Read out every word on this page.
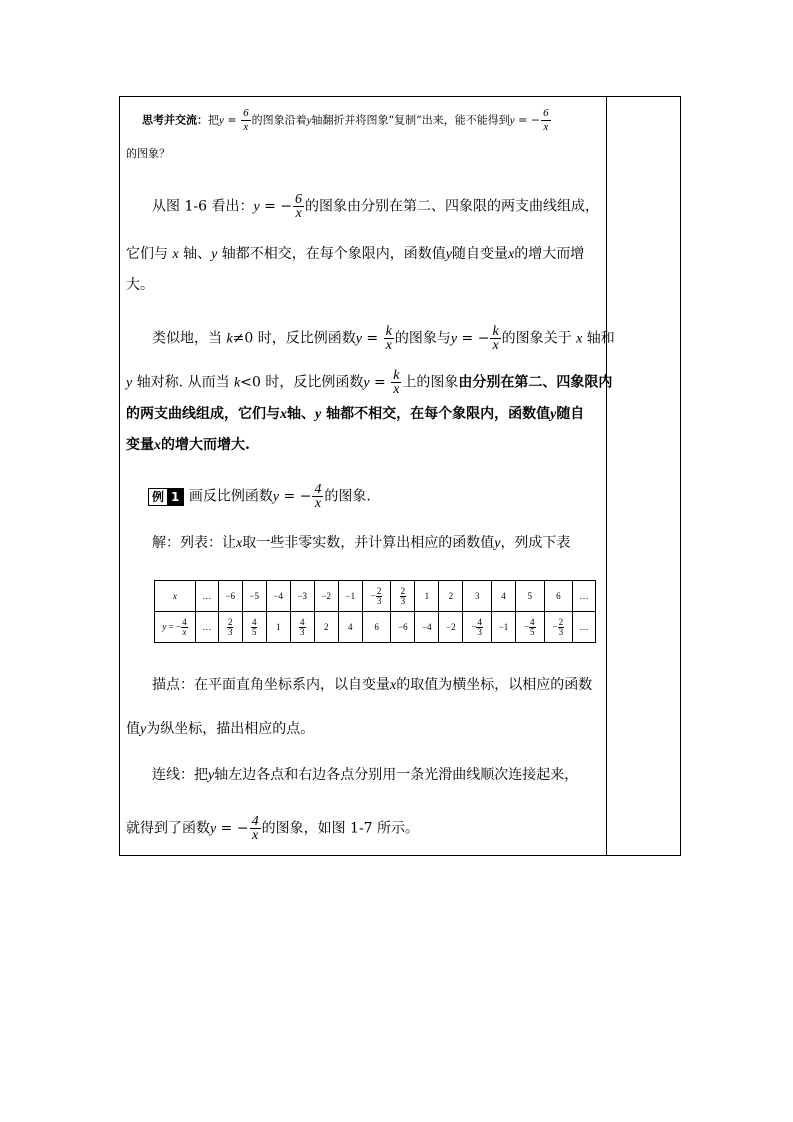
思考并交流：把$y = \frac{6}{x}$ 的图象沿着y轴翻折并将图象“复制”出来，能不能得到y = − $\frac{6}{x}$
的图象？
从图 1-6 看出：y = − $\frac{6}{x}$ 的图象由分别在第二、四象限的两支曲线组成，
它们与 x 轴、y 轴都不相交，在每个象限内，函数值y随自变量x的增大而增
大。
类似地，当 k≠0 时，反比例函数$y = \frac{k}{x}$ 的图象与y = − $\frac{k}{x}$ 的图象关于 x 轴和
y 轴对称. 从而当 k<0 时，反比例函数$y = \frac{k}{x}$ 上的图象由分别在第二、四象限内
的两支曲线组成，它们与x轴、y 轴都不相交，在每个象限内，函数值y随自
变量x的增大而增大.
例 1 画反比例函数y = − $\frac{4}{x}$ 的图象.
解：列表：让x取一些非零实数，并计算出相应的函数值y，列成下表
x	…	−6	−5	−4	−3	−2	−1	− $\frac{2}{3}$	$\frac{2}{3}$	1	2	3	4	5	6	…
y = − $\frac{4}{x}$	…	$\frac{2}{3}$	$\frac{4}{5}$	1	$\frac{4}{3}$	2	4	6	−6	−4	−2	− $\frac{4}{3}$	−1	− $\frac{4}{5}$	− $\frac{2}{3}$	…
描点：在平面直角坐标系内，以自变量x的取值为横坐标，以相应的函数
值y为纵坐标，描出相应的点。
连线：把y轴左边各点和右边各点分别用一条光滑曲线顺次连接起来，
就得到了函数y = − $\frac{4}{x}$ 的图象，如图 1-7 所示。
